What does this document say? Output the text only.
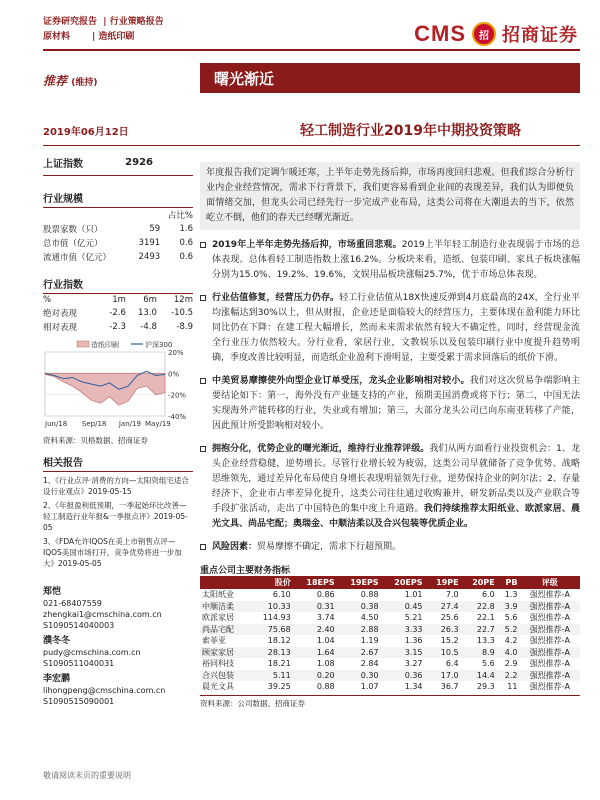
证券研究报告  | 行业策略报告
原材料       | 造纸印刷	CMS	招 招商证券
推荐 (维持)	曙光渐近
2019年06月12日	轻工制造行业2019年中期投资策略
上证指数	2926
行业规模
		占比%
股票家数（只）	59	1.6
总市值（亿元）	3191	0.6
流通市值（亿元）	2493	0.6
行业指数
%	1m	6m	12m
绝对表现	-2.6	13.0	-10.5
相对表现	-2.3	-4.8	-8.9
20%
0%
-20%
-40%
Jun/18 Sep/18 Jan/19 May/19
造纸印刷	沪深300
资料来源：贝格数据、招商证券
相关报告
1、《行业点评·消费的方向—太阳资组宅适合设行业观点》2019-05-15
2、《年报盈利低预期，一季起始环比改善—轻工制造行业年报&一季报点评》2019-05-05
3、《FDA允许IQOS在美上市销售点评—IQOS美国市场打开，竞争优势将进一步加大》2019-05-05
郑恺
021-68407559
zhengkai1@cmschina.com.cn
S1090514040003
濮冬冬
pudy@cmschina.com.cn
S1090511040031
李宏鹏
lihongpeng@cmschina.com.cn
S1090515090001
年度报告我们定调乍暖还寒，上半年走势先扬后抑，市场再度回归悲观。但我们综合分析行业内企业经营情况，需求下行背景下，我们更容易看到企业间的表现差异，我们认为即便负面情绪交加，但龙头公司已经先行一步完成产业布局，这类公司将在大潮退去的当下，依然屹立不倒，他们的春天已经曙光渐近。
2019年上半年走势先扬后抑，市场重回悲观。2019上半年轻工制造行业表现弱于市场的总体表现。总体看轻工制造指数上涨16.2%。分板块来看，造纸、包装印刷、家具子板块涨幅分别为15.0%、19.2%、19.6%，文娱用品板块涨幅25.7%，优于市场总体表现。
行业估值修复，经营压力仍存。轻工行业估值从18X快速反弹到4月底最高的24X，全行业平均涨幅达到30%以上，但从财报，企业还是面临较大的经营压力，主要体现在盈利能力环比同比仍在下降：在建工程大幅增长，然而未来需求依然有较大不确定性，同时，经营现金流全行业压力依然较大。分行业看，家居行业，文教娱乐以及包装印刷行业中度提升趋势明确，季度改善比较明显，而造纸企业盈利下滑明显，主要受累于需求回落后的纸价下滑。
中美贸易摩擦使外向型企业订单受压，龙头企业影响相对较小。我们对这次贸易争端影响主要结论如下：第一，海外没有产业链支持的产业，预期美国消费或将下行；第二，中国无法实现海外产能转移的行业，失业或有增加；第三，大部分龙头公司已向东南亚转移了产能，因此预计所受影响相对较小。
拥抱分化，优势企业的曙光渐近，维持行业推荐评级。我们从两方面看行业投资机会：1、龙头企业经营稳健，逆势增长。尽管行业增长较为疲弱，这类公司早就储备了竞争优势、战略思维领先，通过差异化布局使自身增长表现明显领先行业，逆势保持企业的阿尔法；2、存量经济下，企业市占率差异化提升，这类公司往往通过收购兼并，研发新品类以及产业联合等手段扩张活动，走出了中国特色的集中度上升道路。我们持续推荐太阳纸业、欧派家居、晨光文具、尚品宅配；奥瑞金、中顺洁柔以及合兴包装等优质企业。
风险因素：贸易摩擦不确定，需求下行超预期。
重点公司主要财务指标
	股价	18EPS	19EPS	20EPS	19PE	20PE	PB	评级
太阳纸业	6.10	0.86	0.88	1.01	7.0	6.0	1.3	强烈推荐-A
中顺洁柔	10.33	0.31	0.38	0.45	27.4	22.8	3.9	强烈推荐-A
欧派家居	114.93	3.74	4.50	5.21	25.6	22.1	5.6	强烈推荐-A
尚品宅配	75.68	2.40	2.88	3.33	26.3	22.7	5.2	强烈推荐-A
索菲亚	18.12	1.04	1.19	1.36	15.2	13.3	4.2	强烈推荐-A
顾家家居	28.13	1.64	2.67	3.15	10.5	8.9	4.0	强烈推荐-A
裕同科技	18.21	1.08	2.84	3.27	6.4	5.6	2.9	强烈推荐-A
合兴包装	5.11	0.20	0.30	0.36	17.0	14.4	2.2	强烈推荐-A
晨光文具	39.25	0.88	1.07	1.34	36.7	29.3	11	强烈推荐-A
资料来源：公司数据、招商证券
敬请阅读末页的重要说明
